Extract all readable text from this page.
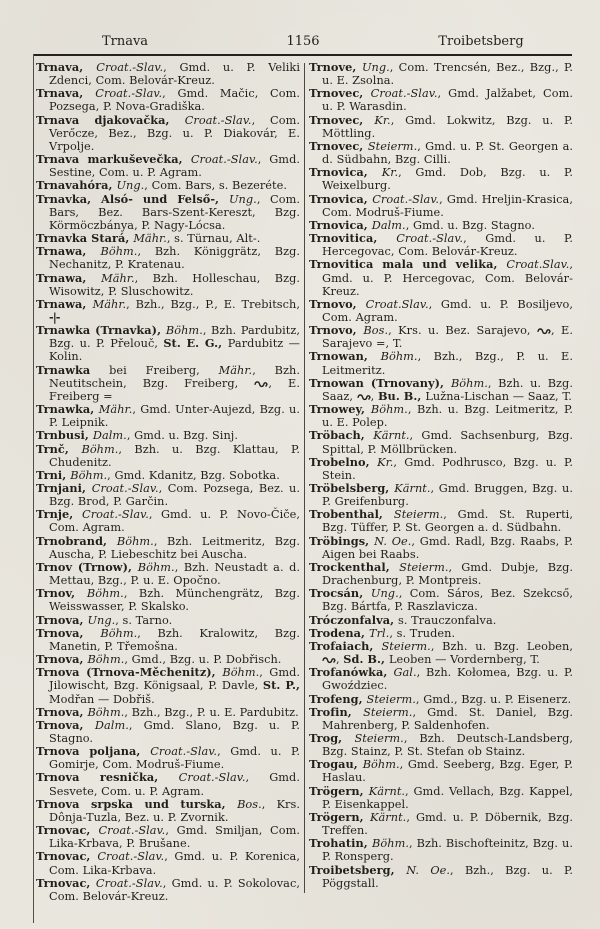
Trnava	1156	Troibetsberg

Trnava, Croat.-Slav., Gmd. u. P. Veliki Zdenci, Com. Belovár-Kreuz.

Trnava, Croat.-Slav., Gmd. Mačic, Com. Pozsega, P. Nova-Gradiška.

Trnava djakovačka, Croat.-Slav., Com. Verőcze, Bez., Bzg. u. P. Diakovár, E. Vrpolje.

Trnava markuševečka, Croat.-Slav., Gmd. Sestine, Com. u. P. Agram.

Trnavahóra, Ung., Com. Bars, s. Bezeréte.

Trnavka, Alsó- und Felső-, Ung., Com. Bars, Bez. Bars-Szent-Kereszt, Bzg. Körmöczbánya, P. Nagy-Lócsa.

Trnavka Stará, Mähr., s. Türnau, Alt-.

Trnawa, Böhm., Bzh. Königgrätz, Bzg. Nechanitz, P. Kratenau.

Trnawa, Mähr., Bzh. Holleschau, Bzg. Wisowitz, P. Sluschowitz.

Trnawa, Mähr., Bzh., Bzg., P., E. Trebitsch, -|-

Trnawka (Trnavka), Böhm., Bzh. Pardubitz, Bzg. u. P. Přelouč, St. E. G., Pardubitz — Kolin.

Trnawka bei Freiberg, Mähr., Bzh. Neutitschein, Bzg. Freiberg, , E. Freiberg =

Trnawka, Mähr., Gmd. Unter-Aujezd, Bzg. u. P. Leipnik.

Trnbusi, Dalm., Gmd. u. Bzg. Sinj.

Trnč, Böhm., Bzh. u. Bzg. Klattau, P. Chudenitz.

Trni, Böhm., Gmd. Kdanitz, Bzg. Sobotka.

Trnjani, Croat.-Slav., Com. Pozsega, Bez. u. Bzg. Brod, P. Garčin.

Trnje, Croat.-Slav., Gmd. u. P. Novo-Čiče, Com. Agram.

Trnobrand, Böhm., Bzh. Leitmeritz, Bzg. Auscha, P. Liebeschitz bei Auscha.

Trnov (Trnow), Böhm., Bzh. Neustadt a. d. Mettau, Bzg., P. u. E. Opočno.

Trnov, Böhm., Bzh. Münchengrätz, Bzg. Weisswasser, P. Skalsko.

Trnova, Ung., s. Tarno.

Trnova, Böhm., Bzh. Kralowitz, Bzg. Manetin, P. Třemošna.

Trnova, Böhm., Gmd., Bzg. u. P. Dobřisch.

Trnova (Trnova-Měchenitz), Böhm., Gmd. Jilowischt, Bzg. Königsaal, P. Davle, St. P., Modřan — Dobřiš.

Trnova, Böhm., Bzh., Bzg., P. u. E. Pardubitz.

Trnova, Dalm., Gmd. Slano, Bzg. u. P. Stagno.

Trnova poljana, Croat.-Slav., Gmd. u. P. Gomirje, Com. Modruš-Fiume.

Trnova resnička, Croat.-Slav., Gmd. Sesvete, Com. u. P. Agram.

Trnova srpska und turska, Bos., Krs. Dônja-Tuzla, Bez. u. P. Zvornik.

Trnovac, Croat.-Slav., Gmd. Smiljan, Com. Lika-Krbava, P. Brušane.

Trnovac, Croat.-Slav., Gmd. u. P. Korenica, Com. Lika-Krbava.

Trnovac, Croat.-Slav., Gmd. u. P. Sokolovac, Com. Belovár-Kreuz.

Trnove, Ung., Com. Trencsén, Bez., Bzg., P. u. E. Zsolna.

Trnovec, Croat.-Slav., Gmd. Jalžabet, Com. u. P. Warasdin.

Trnovec, Kr., Gmd. Lokwitz, Bzg. u. P. Möttling.

Trnovec, Steierm., Gmd. u. P. St. Georgen a. d. Südbahn, Bzg. Cilli.

Trnovica, Kr., Gmd. Dob, Bzg. u. P. Weixelburg.

Trnovica, Croat.-Slav., Gmd. Hreljin-Krasica, Com. Modruš-Fiume.

Trnovica, Dalm., Gmd. u. Bzg. Stagno.

Trnovitica, Croat.-Slav., Gmd. u. P. Hercegovac, Com. Belovár-Kreuz.

Trnovitica mala und velika, Croat.Slav., Gmd. u. P. Hercegovac, Com. Belovár-Kreuz.

Trnovo, Croat.Slav., Gmd. u. P. Bosiljevo, Com. Agram.

Trnovo, Bos., Krs. u. Bez. Sarajevo, , E. Sarajevo =, T.

Trnowan, Böhm., Bzh., Bzg., P. u. E. Leitmeritz.

Trnowan (Trnovany), Böhm., Bzh. u. Bzg. Saaz, , Bu. B., Lužna-Lischan — Saaz, T.

Trnowey, Böhm., Bzh. u. Bzg. Leitmeritz, P. u. E. Polep.

Tröbach, Kärnt., Gmd. Sachsenburg, Bzg. Spittal, P. Möllbrücken.

Trobelno, Kr., Gmd. Podhrusco, Bzg. u. P. Stein.

Tröbelsberg, Kärnt., Gmd. Bruggen, Bzg. u. P. Greifenburg.

Trobenthal, Steierm., Gmd. St. Ruperti, Bzg. Tüffer, P. St. Georgen a. d. Südbahn.

Tröbings, N. Oe., Gmd. Radl, Bzg. Raabs, P. Aigen bei Raabs.

Trockenthal, Steierm., Gmd. Dubje, Bzg. Drachenburg, P. Montpreis.

Trocsán, Ung., Com. Sáros, Bez. Szekcső, Bzg. Bártfa, P. Raszlavicza.

Tróczonfalva, s. Trauczonfalva.

Trodena, Trl., s. Truden.

Trofaiach, Steierm., Bzh. u. Bzg. Leoben, , Sd. B., Leoben — Vordernberg, T.

Trofanówka, Gal., Bzh. Kołomea, Bzg. u. P. Gwoździec.

Trofeng, Steierm., Gmd., Bzg. u. P. Eisenerz.

Trofin, Steierm., Gmd. St. Daniel, Bzg. Mahrenberg, P. Saldenhofen.

Trog, Steierm., Bzh. Deutsch-Landsberg, Bzg. Stainz, P. St. Stefan ob Stainz.

Trogau, Böhm., Gmd. Seeberg, Bzg. Eger, P. Haslau.

Trögern, Kärnt., Gmd. Vellach, Bzg. Kappel, P. Eisenkappel.

Trögern, Kärnt., Gmd. u. P. Döbernik, Bzg. Treffen.

Trohatin, Böhm., Bzh. Bischofteinitz, Bzg. u. P. Ronsperg.

Troibetsberg, N. Oe., Bzh., Bzg. u. P. Pöggstall.
